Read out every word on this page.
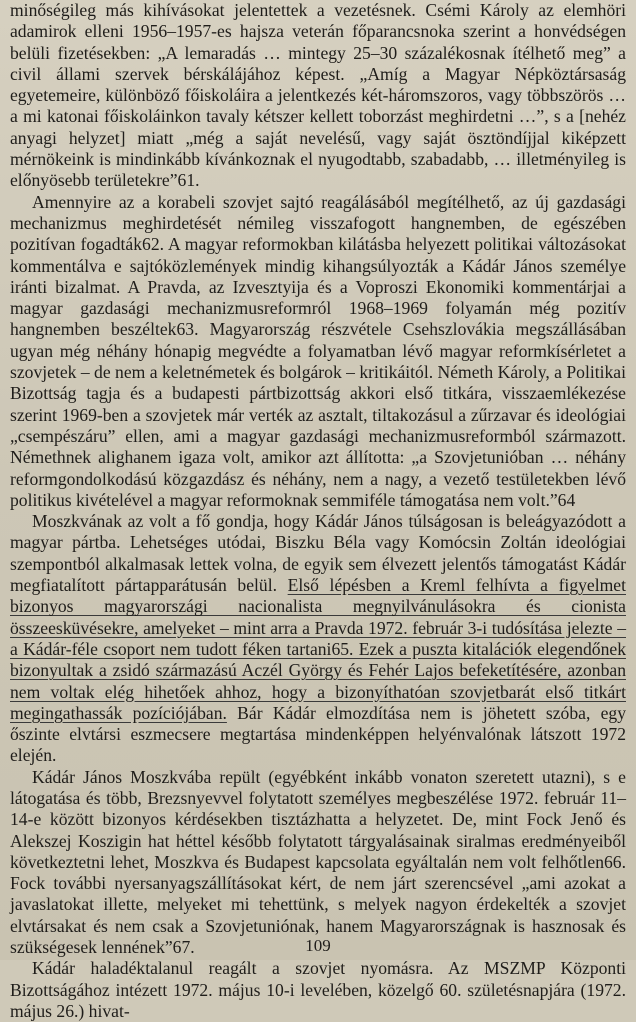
minőségileg más kihívásokat jelentettek a vezetésnek. Csémi Károly az elemhöri adamirok elleni 1956–1957-es hajsza veterán főparancsnoka szerint a honvédségen belüli fizetésekben: „A lemaradás … mintegy 25–30 százalékosnak ítélhető meg” a civil állami szervek bérskálájához képest. „Amíg a Magyar Népköztársaság egyetemeire, különböző főiskoláira a jelentkezés két-háromszoros, vagy többszörös … a mi katonai főiskoláinkon tavaly kétszer kellett toborzást meghirdetni …”, s a [nehéz anyagi helyzet] miatt „még a saját nevelésű, vagy saját ösztöndíjjal kiképzett mérnökeink is mindinkább kívánkoznak el nyugodtabb, szabadabb, … illetményileg is előnyösebb területekre”61.

Amennyire az a korabeli szovjet sajtó reagálásából megítélhető, az új gazdasági mechanizmus meghirdetését némileg visszafogott hangnemben, de egészében pozitívan fogadták62. A magyar reformokban kilátásba helyezett politikai változásokat kommentálva e sajtóközlemények mindig kihangsúlyozták a Kádár János személye iránti bizalmat. A Pravda, az Izvesztyija és a Voproszi Ekonomiki kommentárjai a magyar gazdasági mechanizmusreformról 1968–1969 folyamán még pozitív hangnemben beszéltek63. Magyarország részvétele Csehszlovákia megszállásában ugyan még néhány hónapig megvédte a folyamatban lévő magyar reformkísérletet a szovjetek – de nem a keletnémetek és bolgárok – kritikáitól. Németh Károly, a Politikai Bizottság tagja és a budapesti pártbizottság akkori első titkára, visszaemlékezése szerint 1969-ben a szovjetek már verték az asztalt, tiltakozásul a zűrzavar és ideológiai „csempészáru” ellen, ami a magyar gazdasági mechanizmusreformból származott. Némethnek alighanem igaza volt, amikor azt állította: „a Szovjetunióban … néhány reformgondolkodású közgazdász és néhány, nem a nagy, a vezető testületekben lévő politikus kivételével a magyar reformoknak semmiféle támogatása nem volt.”64

Moszkvának az volt a fő gondja, hogy Kádár János túlságosan is beleágyazódott a magyar pártba. Lehetséges utódai, Biszku Béla vagy Komócsin Zoltán ideológiai szempontból alkalmasak lettek volna, de egyik sem élvezett jelentős támogatást Kádár megfiatalított pártapparátusán belül. Első lépésben a Kreml felhívta a figyelmet bizonyos magyarországi nacionalista megnyilvánulásokra és cionista összeesküvésekre, amelyeket – mint arra a Pravda 1972. február 3-i tudósítása jelezte – a Kádár-féle csoport nem tudott féken tartani65. Ezek a puszta kitalációk elegendőnek bizonyultak a zsidó származású Aczél György és Fehér Lajos befeketítésére, azonban nem voltak elég hihetőek ahhoz, hogy a bizonyíthatóan szovjetbarát első titkárt megingathassák pozíciójában. Bár Kádár elmozdítása nem is jöhetett szóba, egy őszinte elvtársi eszmecsere megtartása mindenképpen helyénvalónak látszott 1972 elején.

Kádár János Moszkvába repült (egyébként inkább vonaton szeretett utazni), s e látogatása és több, Brezsnyevvel folytatott személyes megbeszélése 1972. február 11–14-e között bizonyos kérdésekben tisztázhatta a helyzetet. De, mint Fock Jenő és Alekszej Koszigin hat héttel később folytatott tárgyalásainak siralmas eredményeiből következtetni lehet, Moszkva és Budapest kapcsolata egyáltalán nem volt felhőtlen66. Fock további nyersanyagszállításokat kért, de nem járt szerencsével „ami azokat a javaslatokat illette, melyeket mi tehettünk, s melyek nagyon érdekelték a szovjet elvtársakat és nem csak a Szovjetuniónak, hanem Magyarországnak is hasznosak és szükségesek lennének”67.

Kádár haladéktalanul reagált a szovjet nyomásra. Az MSZMP Központi Bizottságához intézett 1972. május 10-i levelében, közelgő 60. születésnapjára (1972. május 26.) hivat-

109
